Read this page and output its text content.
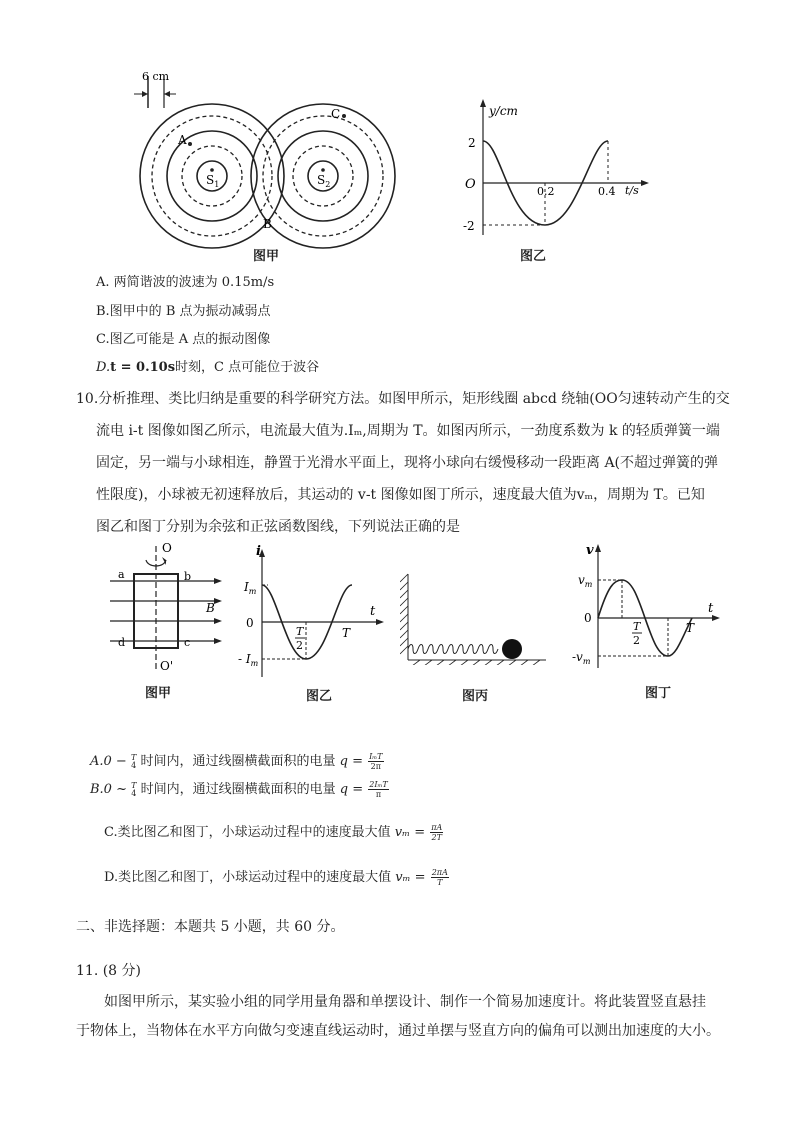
6 cm
$S_1$	$S_2$
A
C
B
图甲
y/cm
2
O
-2
0.2	0.4 t/s
图乙
A. 两简谐波的波速为 0.15m/s
B.图甲中的 B 点为振动减弱点
C.图乙可能是 A 点的振动图像
D.t = 0.10s时刻，C 点可能位于波谷
10.分析推理、类比归纳是重要的科学研究方法。如图甲所示，矩形线圈 abcd 绕轴(OO匀速转动产生的交
流电 i-t 图像如图乙所示，电流最大值为.Iₘ,周期为 T。如图丙所示，一劲度系数为 k 的轻质弹簧一端
固定，另一端与小球相连，静置于光滑水平面上，现将小球向右缓慢移动一段距离 A(不超过弹簧的弹
性限度)，小球被无初速释放后，其运动的 v-t 图像如图丁所示，速度最大值为vₘ，周期为 T。已知
图乙和图丁分别为余弦和正弦函数图线，下列说法正确的是
O
a	b
d	c
B
O'
图甲
i
$I_m$
0
- $I_m$
T
2
T
t
图乙	图丙
v
$v_m$
0
$-v_m$
T
2
T
t
图丁
A.0 − T
4 时间内，通过线圈横截面积的电量 $q = \frac{\text{IₘT}}{2\pi}$
B.0 ~ T
4 时间内，通过线圈横截面积的电量 $q = \frac{\text{2IₘT}}{\pi}$
C.类比图乙和图丁，小球运动过程中的速度最大值 $v_m = \frac{\pi A}{2T}$
D.类比图乙和图丁，小球运动过程中的速度最大值 $v_m = \frac{2\pi A}{T}$
二、非选择题：本题共 5 小题，共 60 分。
11. (8 分)
如图甲所示，某实验小组的同学用量角器和单摆设计、制作一个简易加速度计。将此装置竖直悬挂
于物体上，当物体在水平方向做匀变速直线运动时，通过单摆与竖直方向的偏角可以测出加速度的大小。
